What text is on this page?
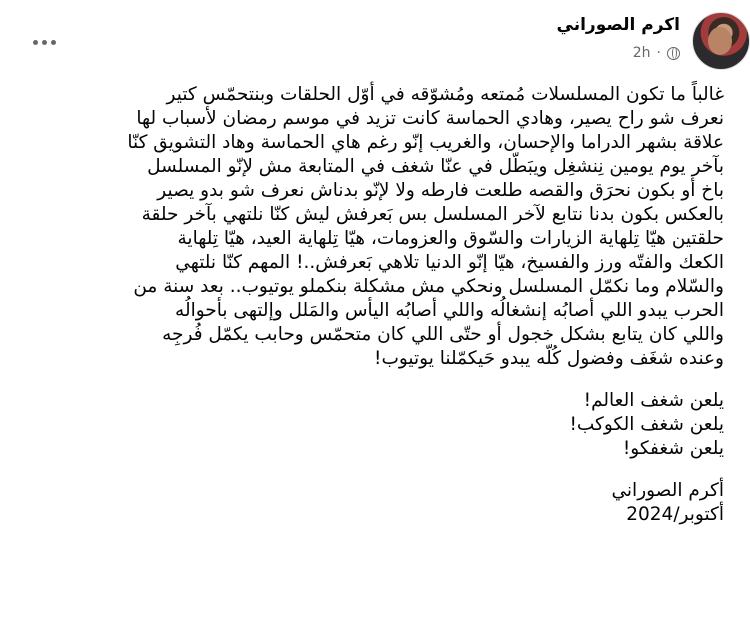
اكرم الصوراني
2h ·
غالباً ما تكون المسلسلات مُمتعه ومُشوّقه في أوّل الحلقات وبنتحمّس كتير
نعرف شو راح يصير، وهادي الحماسة كانت تزيد في موسم رمضان لأسباب لها
علاقة بشهر الدراما والإحسان، والغريب إنّو رغم هاي الحماسة وهاد التشويق كنّا
بآخر يوم يومين نِنشغِل ويبَطّل في عنّا شغف في المتابعة مش لإنّو المسلسل
باخ أو بكون نحرَق والقصه طلعت فارطه ولا لإنّو بدناش نعرف شو بدو يصير
بالعكس بكون بدنا نتابع لآخر المسلسل بس بَعرفش ليش كنّا نلتهي بآخر حلقة
حلقتين هيّا تِلهاية الزيارات والسّوق والعزومات، هيّا تِلهاية العيد، هيّا تِلهاية
الكعك والفتّه ورز والفسيخ، هيّا إنّو الدنيا تلاهي بَعرفش..! المهم كنّا نلتهي
والسّلام وما نكمّل المسلسل ونحكي مش مشكلة بنكملو يوتيوب.. بعد سنة من
الحرب يبدو اللي أصابُه إنشغالُه واللي أصابُه اليأس والمَلل وإلتهى بأحوالُه
واللي كان يتابع بشكل خجول أو حتّى اللي كان متحمّس وحابب يكمّل فُرجِه
وعنده شغَف وفضول كُلّه يبدو حَيكمّلنا يوتيوب!
يلعن شغف العالم!
يلعن شغف الكوكب!
يلعن شغفكو!
أكرم الصوراني
أكتوبر/2024
